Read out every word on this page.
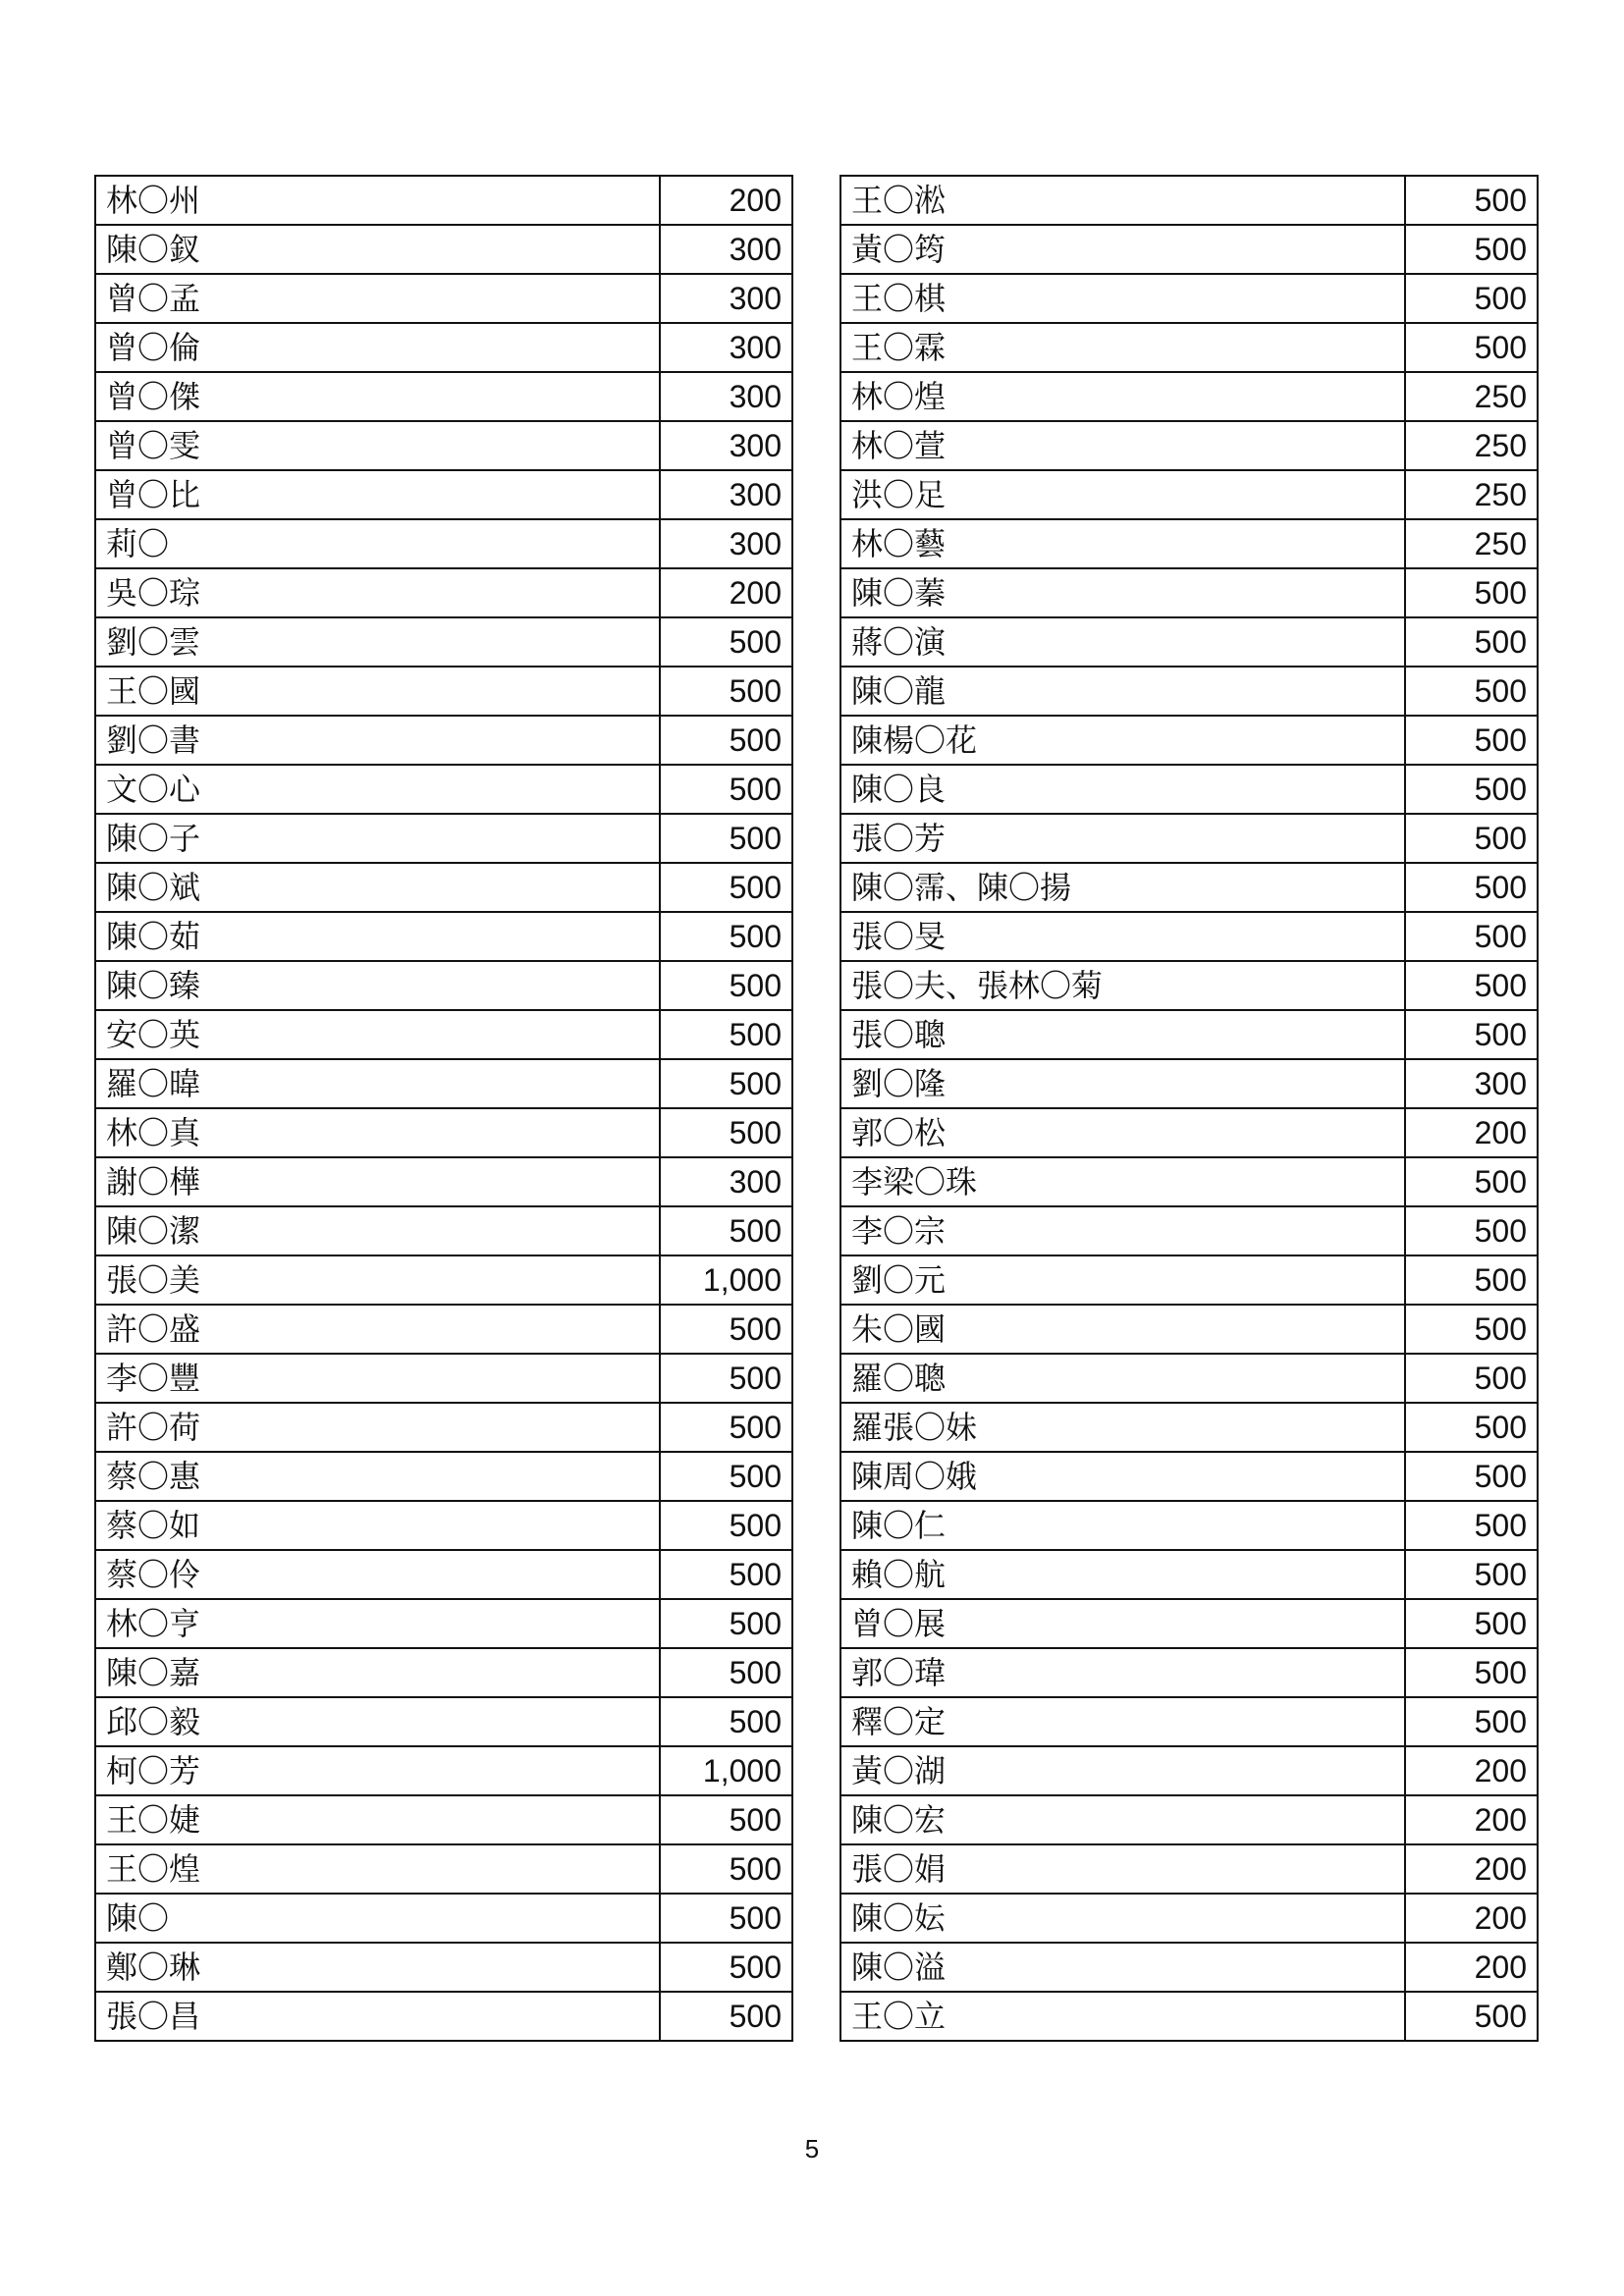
林〇州	200
陳〇釵	300
曾〇孟	300
曾〇倫	300
曾〇傑	300
曾〇雯	300
曾〇比	300
莉〇	300
吳〇琮	200
劉〇雲	500
王〇國	500
劉〇書	500
文〇心	500
陳〇子	500
陳〇斌	500
陳〇茹	500
陳〇臻	500
安〇英	500
羅〇暐	500
林〇真	500
謝〇樺	300
陳〇潔	500
張〇美	1,000
許〇盛	500
李〇豐	500
許〇荷	500
蔡〇惠	500
蔡〇如	500
蔡〇伶	500
林〇亨	500
陳〇嘉	500
邱〇毅	500
柯〇芳	1,000
王〇婕	500
王〇煌	500
陳〇	500
鄭〇琳	500
張〇昌	500
王〇淞	500
黃〇筠	500
王〇棋	500
王〇霖	500
林〇煌	250
林〇萱	250
洪〇足	250
林〇藝	250
陳〇蓁	500
蔣〇演	500
陳〇龍	500
陳楊〇花	500
陳〇良	500
張〇芳	500
陳〇霈、陳〇揚	500
張〇旻	500
張〇夫、張林〇菊	500
張〇聰	500
劉〇隆	300
郭〇松	200
李梁〇珠	500
李〇宗	500
劉〇元	500
朱〇國	500
羅〇聰	500
羅張〇妹	500
陳周〇娥	500
陳〇仁	500
賴〇航	500
曾〇展	500
郭〇瑋	500
釋〇定	500
黃〇湖	200
陳〇宏	200
張〇娟	200
陳〇妘	200
陳〇溢	200
王〇立	500
5
